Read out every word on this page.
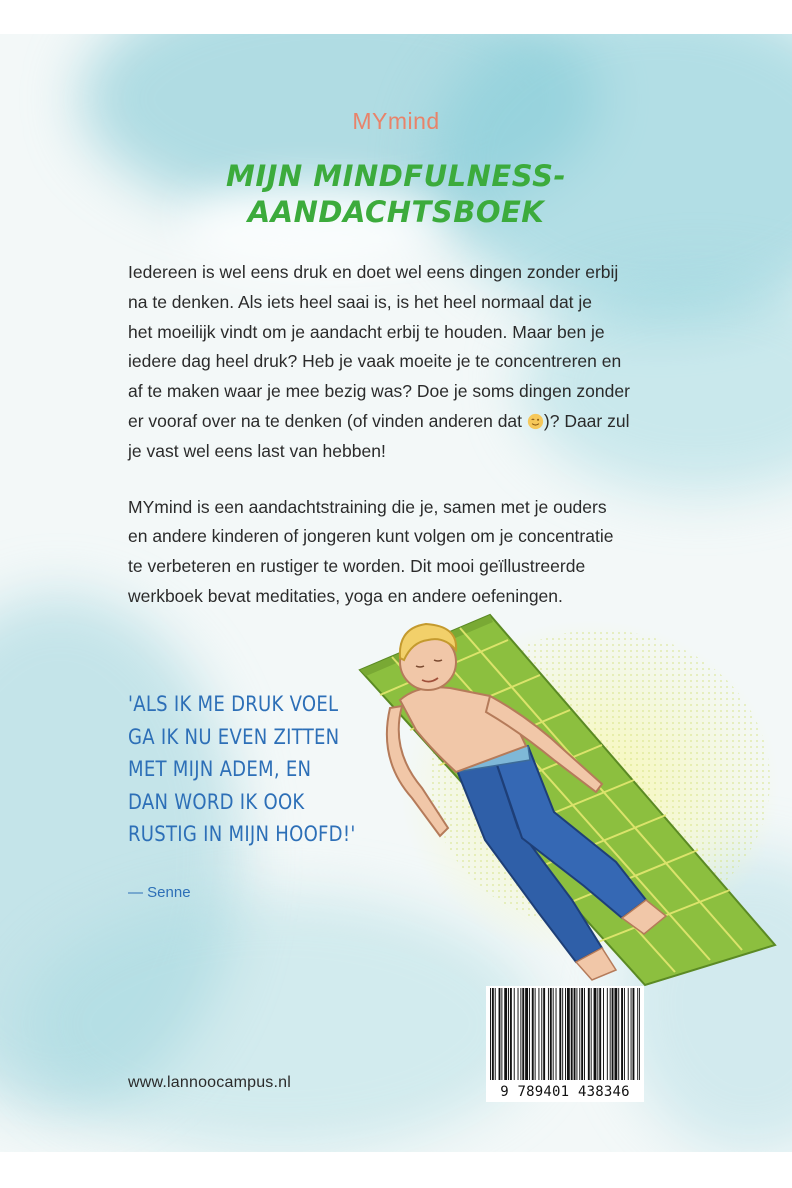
MYmind
MIJN MINDFULNESS-
AANDACHTSBOEK

Iedereen is wel eens druk en doet wel eens dingen zonder erbij
na te denken. Als iets heel saai is, is het heel normaal dat je
het moeilijk vindt om je aandacht erbij te houden. Maar ben je
iedere dag heel druk? Heb je vaak moeite je te concentreren en
af te maken waar je mee bezig was? Doe je soms dingen zonder
er vooraf over na te denken (of vinden anderen dat )? Daar zul
je vast wel eens last van hebben!

MYmind is een aandachtstraining die je, samen met je ouders
en andere kinderen of jongeren kunt volgen om je concentratie
te verbeteren en rustiger te worden. Dit mooi geïllustreerde
werkboek bevat meditaties, yoga en andere oefeningen.

'ALS IK ME DRUK VOEL
GA IK NU EVEN ZITTEN
MET MIJN ADEM, EN
DAN WORD IK OOK
RUSTIG IN MIJN HOOFD!'
— Senne
9 789401 438346
www.lannoocampus.nl
